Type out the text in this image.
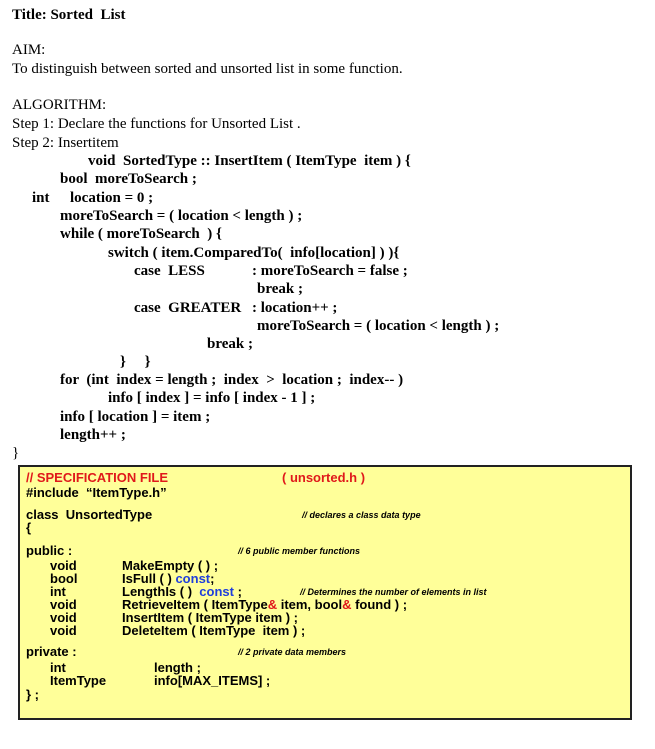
Title: Sorted  List
AIM:
To distinguish between sorted and unsorted list in some function.
ALGORITHM:
Step 1: Declare the functions for Unsorted List .
Step 2: Insertitem
void  SortedType :: InsertItem ( ItemType  item ) {
bool  moreToSearch ;
int location = 0 ;
moreToSearch = ( location < length ) ;
while ( moreToSearch  ) {
switch ( item.ComparedTo(  info[location] ) ){
case  LESS	: moreToSearch = false ;
break ;
case  GREATER : location++ ;
moreToSearch = ( location < length ) ;
break ;
}     }
for  (int  index = length ;  index  >  location ;  index-- )
info [ index ] = info [ index - 1 ] ;
info [ location ] = item ;
length++ ;
}
// SPECIFICATION FILE	( unsorted.h )
#include  “ItemType.h”
class  UnsortedType	// declares a class data type
{
public :	// 6 public member functions
void	MakeEmpty ( ) ;
bool	IsFull ( ) const;
int	LengthIs ( )  const ;	// Determines the number of elements in list
void	RetrieveItem ( ItemType& item, bool& found ) ;
void	InsertItem ( ItemType item ) ;
void	DeleteItem ( ItemType  item ) ;
private :	// 2 private data members
int	length ;
ItemType	info[MAX_ITEMS] ;
} ;
